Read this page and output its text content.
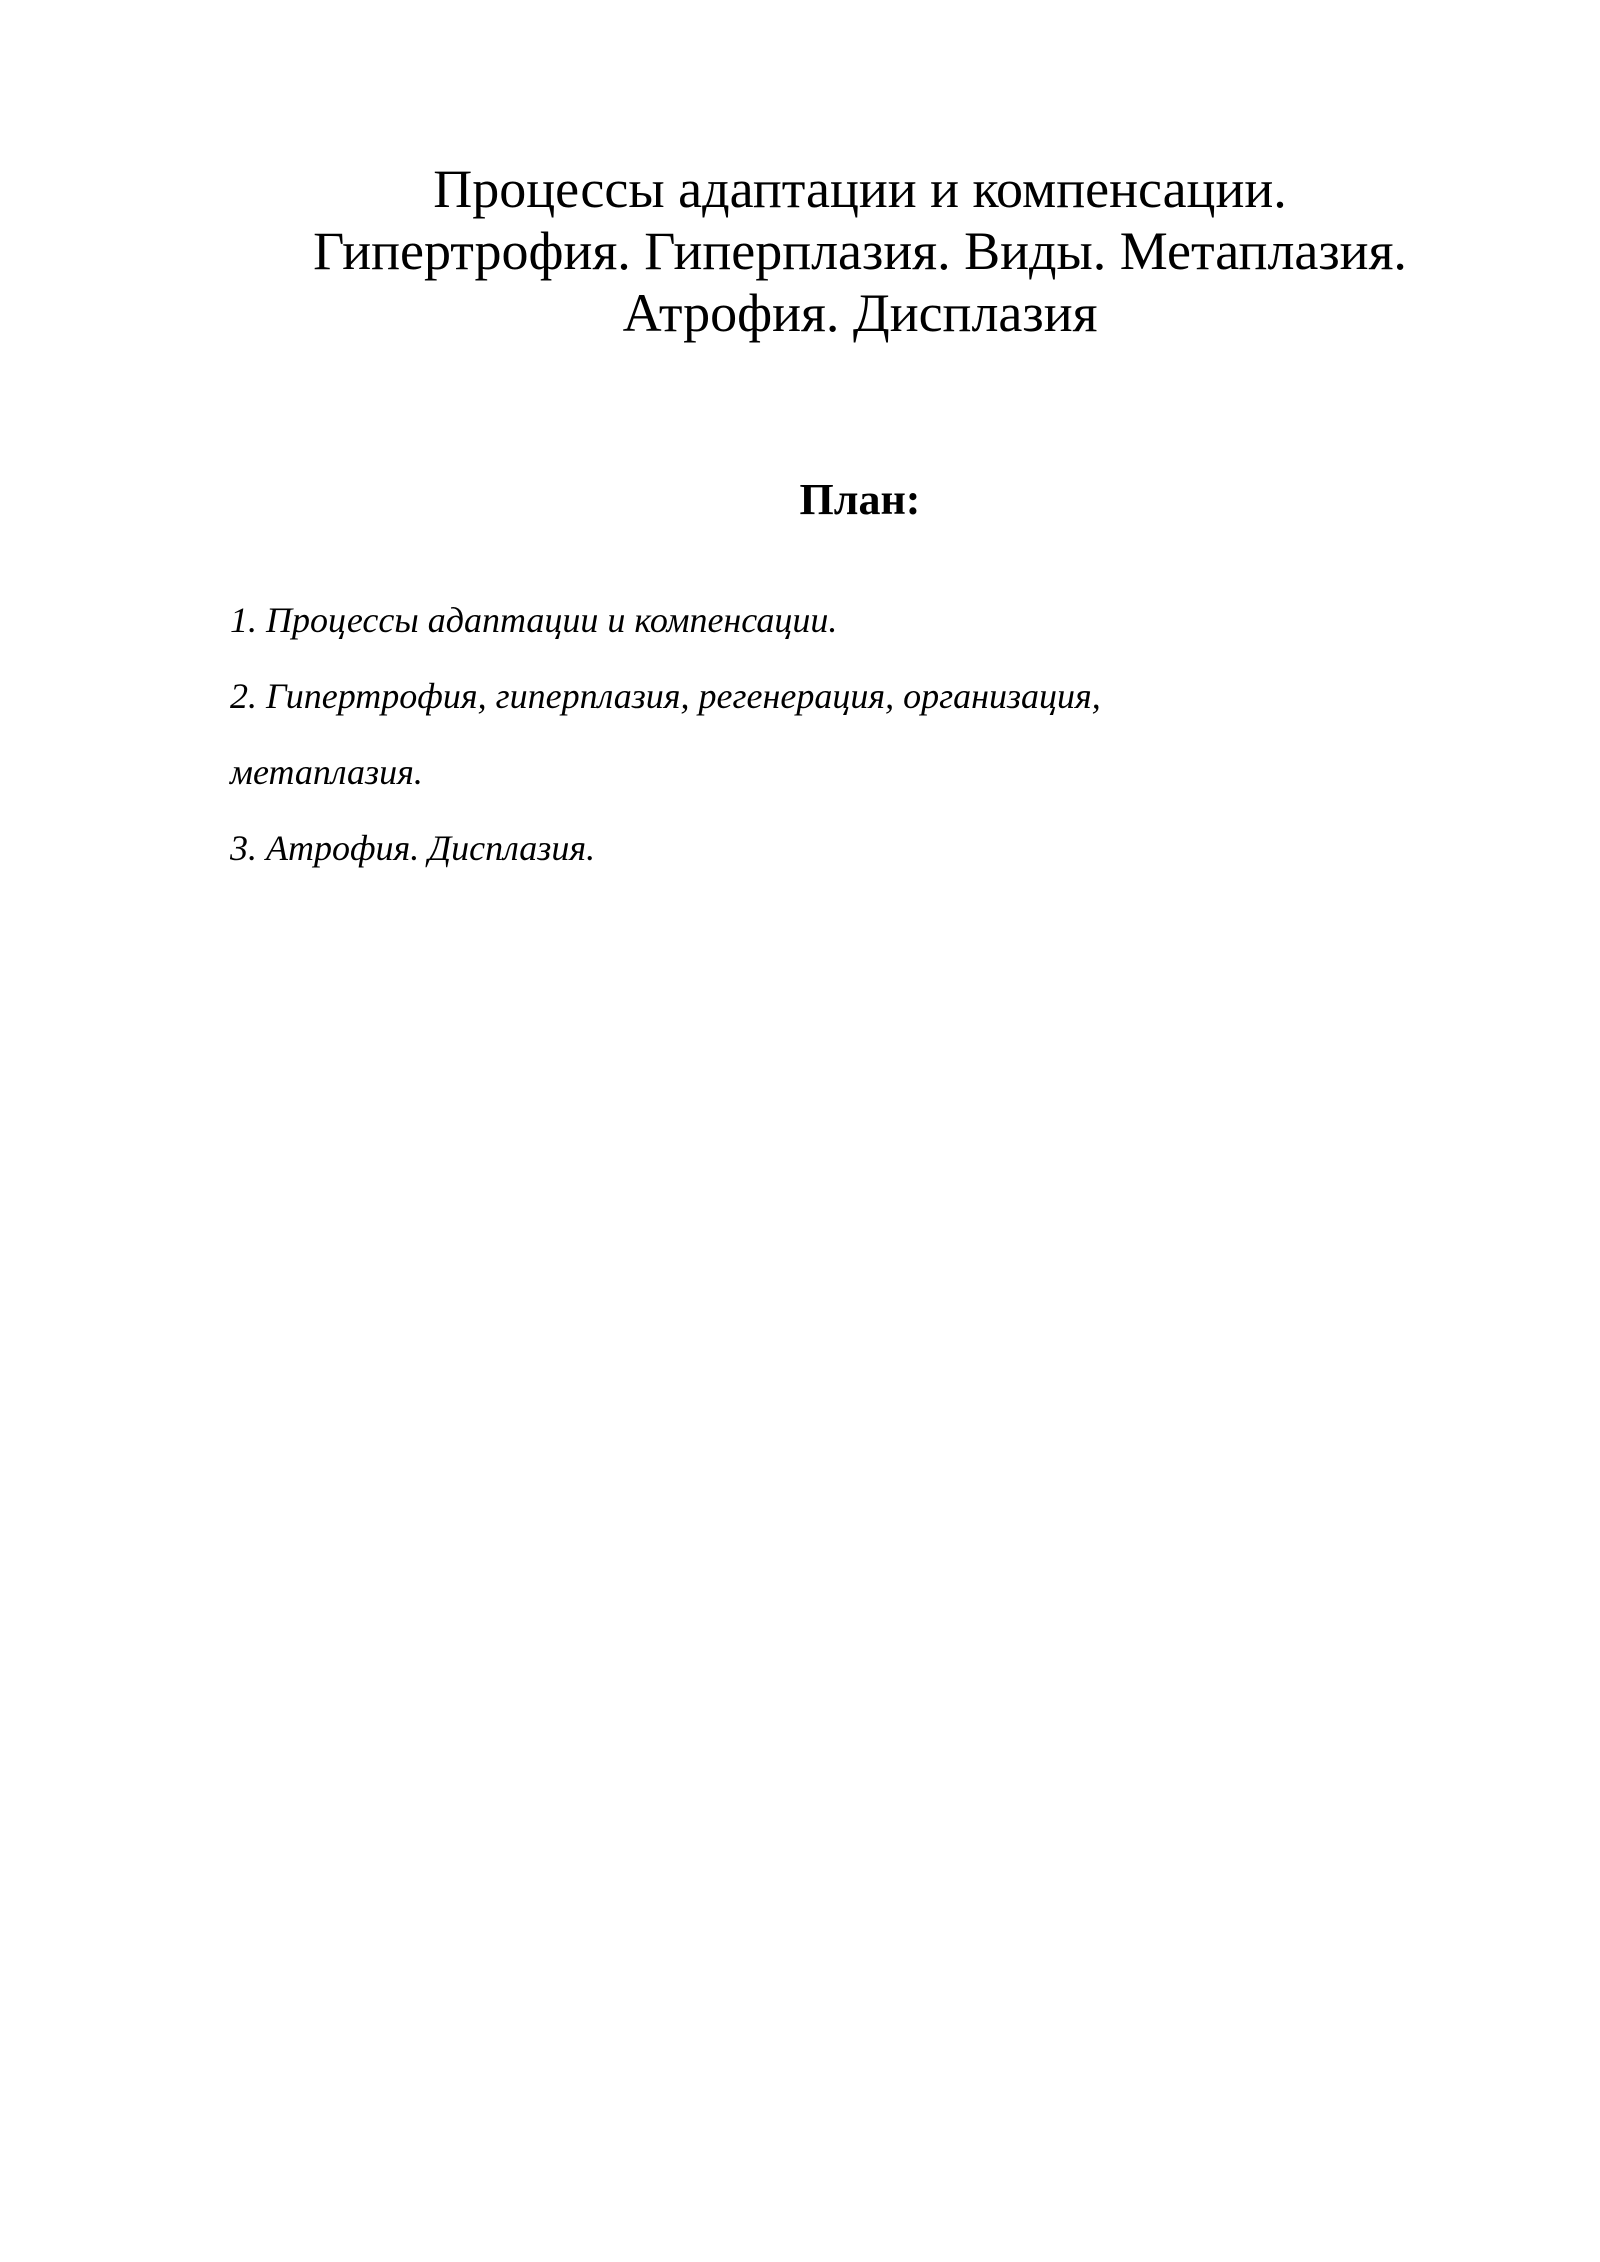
Процессы адаптации и компенсации.
Гипертрофия. Гиперплазия. Виды. Метаплазия.
Атрофия. Дисплазия
План:
1. Процессы адаптации и компенсации.
2. Гипертрофия, гиперплазия, регенерация, организация,
метаплазия.
3. Атрофия. Дисплазия.
